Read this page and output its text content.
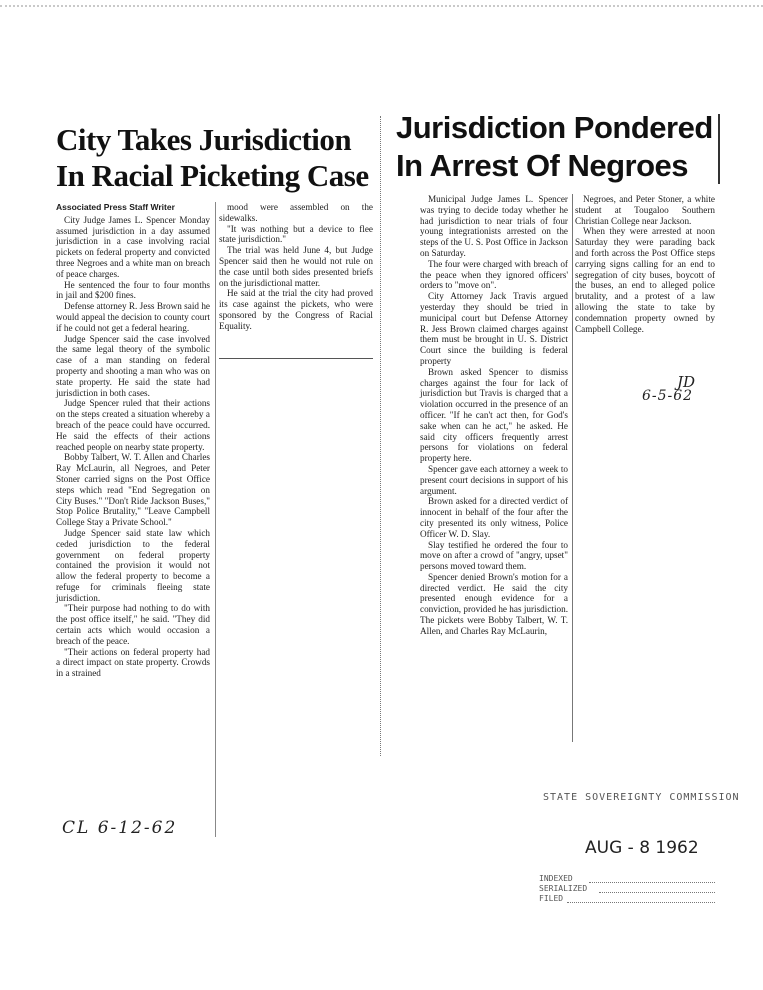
City Takes Jurisdiction
In Racial Picketing Case
Associated Press Staff Writer

City Judge James L. Spencer Monday assumed jurisdiction in a day assumed jurisdiction in a case involving racial pickets on federal property and convicted three Negroes and a white man on breach of peace charges.

He sentenced the four to four months in jail and $200 fines.

Defense attorney R. Jess Brown said he would appeal the decision to county court if he could not get a federal hearing.

Judge Spencer said the case involved the same legal theory of the symbolic case of a man standing on federal property and shooting a man who was on state property. He said the state had jurisdiction in both cases.

Judge Spencer ruled that their actions on the steps created a situation whereby a breach of the peace could have occurred. He said the effects of their actions reached people on nearby state property.

Bobby Talbert, W. T. Allen and Charles Ray McLaurin, all Negroes, and Peter Stoner carried signs on the Post Office steps which read "End Segregation on City Buses." "Don't Ride Jackson Buses," Stop Police Brutality," "Leave Campbell College Stay a Private School."

Judge Spencer said state law which ceded jurisdiction to the federal government on federal property contained the provision it would not allow the federal property to become a refuge for criminals fleeing state jurisdiction.

"Their purpose had nothing to do with the post office itself," he said. "They did certain acts which would occasion a breach of the peace.

"Their actions on federal property had a direct impact on state property. Crowds in a strained

mood were assembled on the sidewalks.

"It was nothing but a device to flee state jurisdiction."

The trial was held June 4, but Judge Spencer said then he would not rule on the case until both sides presented briefs on the jurisdictional matter.

He said at the trial the city had proved its case against the pickets, who were sponsored by the Congress of Racial Equality.

CL 6-12-62
Jurisdiction Pondered
In Arrest Of Negroes

Municipal Judge James L. Spencer was trying to decide today whether he had jurisdiction to near trials of four young integrationists arrested on the steps of the U. S. Post Office in Jackson on Saturday.

The four were charged with breach of the peace when they ignored officers' orders to "move on".

City Attorney Jack Travis argued yesterday they should be tried in municipal court but Defense Attorney R. Jess Brown claimed charges against them must be brought in U. S. District Court since the building is federal property

Brown asked Spencer to dismiss charges against the four for lack of jurisdiction but Travis is charged that a violation occurred in the presence of an officer. "If he can't act then, for God's sake when can he act," he asked. He said city officers frequently arrest persons for violations on federal property here.

Spencer gave each attorney a week to present court decisions in support of his argument.

Brown asked for a directed verdict of innocent in behalf of the four after the city presented its only witness, Police Officer W. D. Slay.

Slay testified he ordered the four to move on after a crowd of "angry, upset" persons moved toward them.

Spencer denied Brown's motion for a directed verdict. He said the city presented enough evidence for a conviction, provided he has jurisdiction. The pickets were Bobby Talbert, W. T. Allen, and Charles Ray McLaurin,

Negroes, and Peter Stoner, a white student at Tougaloo Southern Christian College near Jackson.

When they were arrested at noon Saturday they were parading back and forth across the Post Office steps carrying signs calling for an end to segregation of city buses, boycott of the buses, an end to alleged police brutality, and a protest of a law allowing the state to take by condemnation property owned by Campbell College.

JD
6-5-62
STATE SOVEREIGNTY COMMISSION
AUG - 8 1962
INDEXED
SERIALIZED
FILED
